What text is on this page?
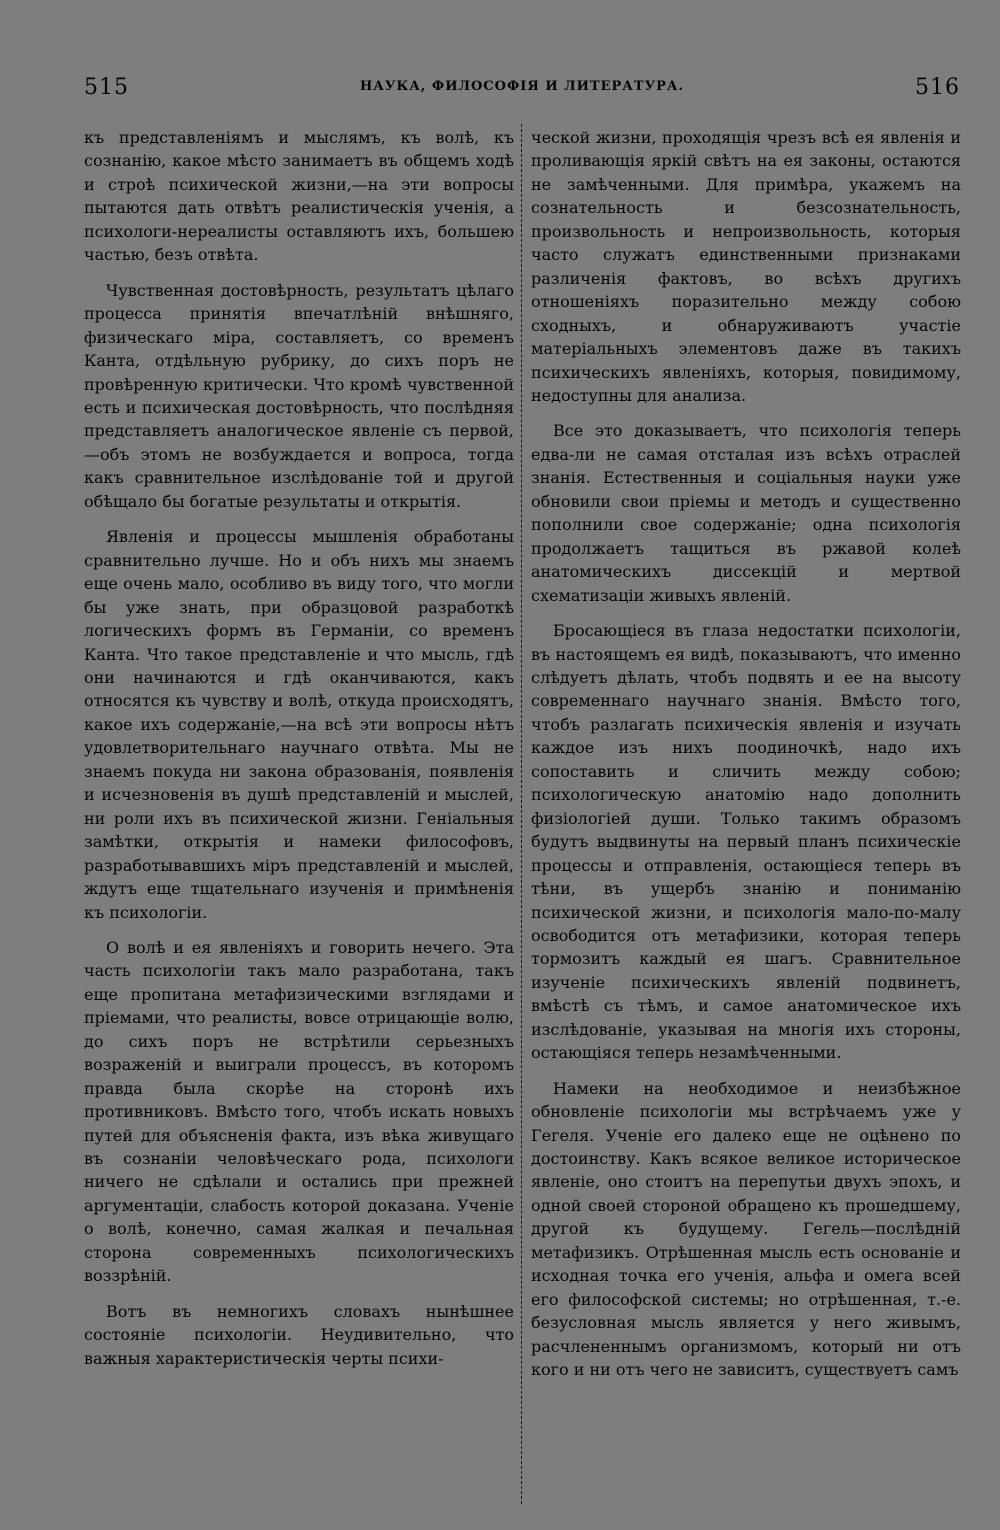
515	НАУКА, ФИЛОСОФІЯ И ЛИТЕРАТУРА.	516

къ представленіямъ и мыслямъ, къ волѣ, къ сознанію, какое мѣсто занимаетъ въ общемъ ходѣ и строѣ психической жизни,—на эти вопросы пытаются дать отвѣтъ реалистическія ученія, а психологи-нереалисты оставляютъ ихъ, большею частью, безъ отвѣта.

Чувственная достовѣрность, результатъ цѣлаго процесса принятія впечатлѣній внѣшняго, физическаго міра, составляетъ, со временъ Канта, отдѣльную рубрику, до сихъ поръ не провѣренную критически. Что кромѣ чувственной есть и психическая достовѣрность, что послѣдняя представляетъ аналогическое явленіе съ первой,—объ этомъ не возбуждается и вопроса, тогда какъ сравнительное изслѣдованіе той и другой обѣщало бы богатые результаты и открытія.

Явленія и процессы мышленія обработаны сравнительно лучше. Но и объ нихъ мы знаемъ еще очень мало, особливо въ виду того, что могли бы уже знать, при образцовой разработкѣ логическихъ формъ въ Германіи, со временъ Канта. Что такое представленіе и что мысль, гдѣ они начинаются и гдѣ оканчиваются, какъ относятся къ чувству и волѣ, откуда происходятъ, какое ихъ содержаніе,—на всѣ эти вопросы нѣтъ удовлетворительнаго научнаго отвѣта. Мы не знаемъ покуда ни закона образованія, появленія и исчезновенія въ душѣ представленій и мыслей, ни роли ихъ въ психической жизни. Геніальныя замѣтки, открытія и намеки философовъ, разработывавшихъ міръ представленій и мыслей, ждутъ еще тщательнаго изученія и примѣненія къ психологіи.

О волѣ и ея явленіяхъ и говорить нечего. Эта часть психологіи такъ мало разработана, такъ еще пропитана метафизическими взглядами и пріемами, что реалисты, вовсе отрицающіе волю, до сихъ поръ не встрѣтили серьезныхъ возраженій и выиграли процессъ, въ которомъ правда была скорѣе на сторонѣ ихъ противниковъ. Вмѣсто того, чтобъ искать новыхъ путей для объясненія факта, изъ вѣка живущаго въ сознаніи человѣческаго рода, психологи ничего не сдѣлали и остались при прежней аргументаціи, слабость которой доказана. Ученіе о волѣ, конечно, самая жалкая и печальная сторона современныхъ психологическихъ воззрѣній.

Вотъ въ немногихъ словахъ нынѣшнее состояніе психологіи. Неудивительно, что важныя характеристическія черты психи-

ческой жизни, проходящія чрезъ всѣ ея явленія и проливающія яркій свѣтъ на ея законы, остаются не замѣченными. Для примѣра, укажемъ на сознательность и безсознательность, произвольность и непроизвольность, которыя часто служатъ единственными признаками различенія фактовъ, во всѣхъ другихъ отношеніяхъ поразительно между собою сходныхъ, и обнаруживаютъ участіе матеріальныхъ элементовъ даже въ такихъ психическихъ явленіяхъ, которыя, повидимому, недоступны для анализа.

Все это доказываетъ, что психологія теперь едва-ли не самая отсталая изъ всѣхъ отраслей знанія. Естественныя и соціальныя науки уже обновили свои пріемы и методъ и существенно пополнили свое содержаніе; одна психологія продолжаетъ тащиться въ ржавой колеѣ анатомическихъ диссекцій и мертвой схематизаціи живыхъ явленій.

Бросающіеся въ глаза недостатки психологіи, въ настоящемъ ея видѣ, показываютъ, что именно слѣдуетъ дѣлать, чтобъ подвять и ее на высоту современнаго научнаго знанія. Вмѣсто того, чтобъ разлагать психическія явленія и изучать каждое изъ нихъ поодиночкѣ, надо ихъ сопоставить и сличить между собою; психологическую анатомію надо дополнить физіологіей души. Только такимъ образомъ будутъ выдвинуты на первый планъ психическіе процессы и отправленія, остающіеся теперь въ тѣни, въ ущербъ знанію и пониманію психической жизни, и психологія мало-по-малу освободится отъ метафизики, которая теперь тормозитъ каждый ея шагъ. Сравнительное изученіе психическихъ явленій подвинетъ, вмѣстѣ съ тѣмъ, и самое анатомическое ихъ изслѣдованіе, указывая на многія ихъ стороны, остающіяся теперь незамѣченными.

Намеки на необходимое и неизбѣжное обновленіе психологіи мы встрѣчаемъ уже у Гегеля. Ученіе его далеко еще не оцѣнено по достоинству. Какъ всякое великое историческое явленіе, оно стоитъ на перепутьи двухъ эпохъ, и одной своей стороной обращено къ прошедшему, другой къ будущему. Гегель—послѣдній метафизикъ. Отрѣшенная мысль есть основаніе и исходная точка его ученія, альфа и омега всей его философской системы; но отрѣшенная, т.-е. безусловная мысль является у него живымъ, расчлененнымъ организмомъ, который ни отъ кого и ни отъ чего не зависитъ, существуетъ самъ
